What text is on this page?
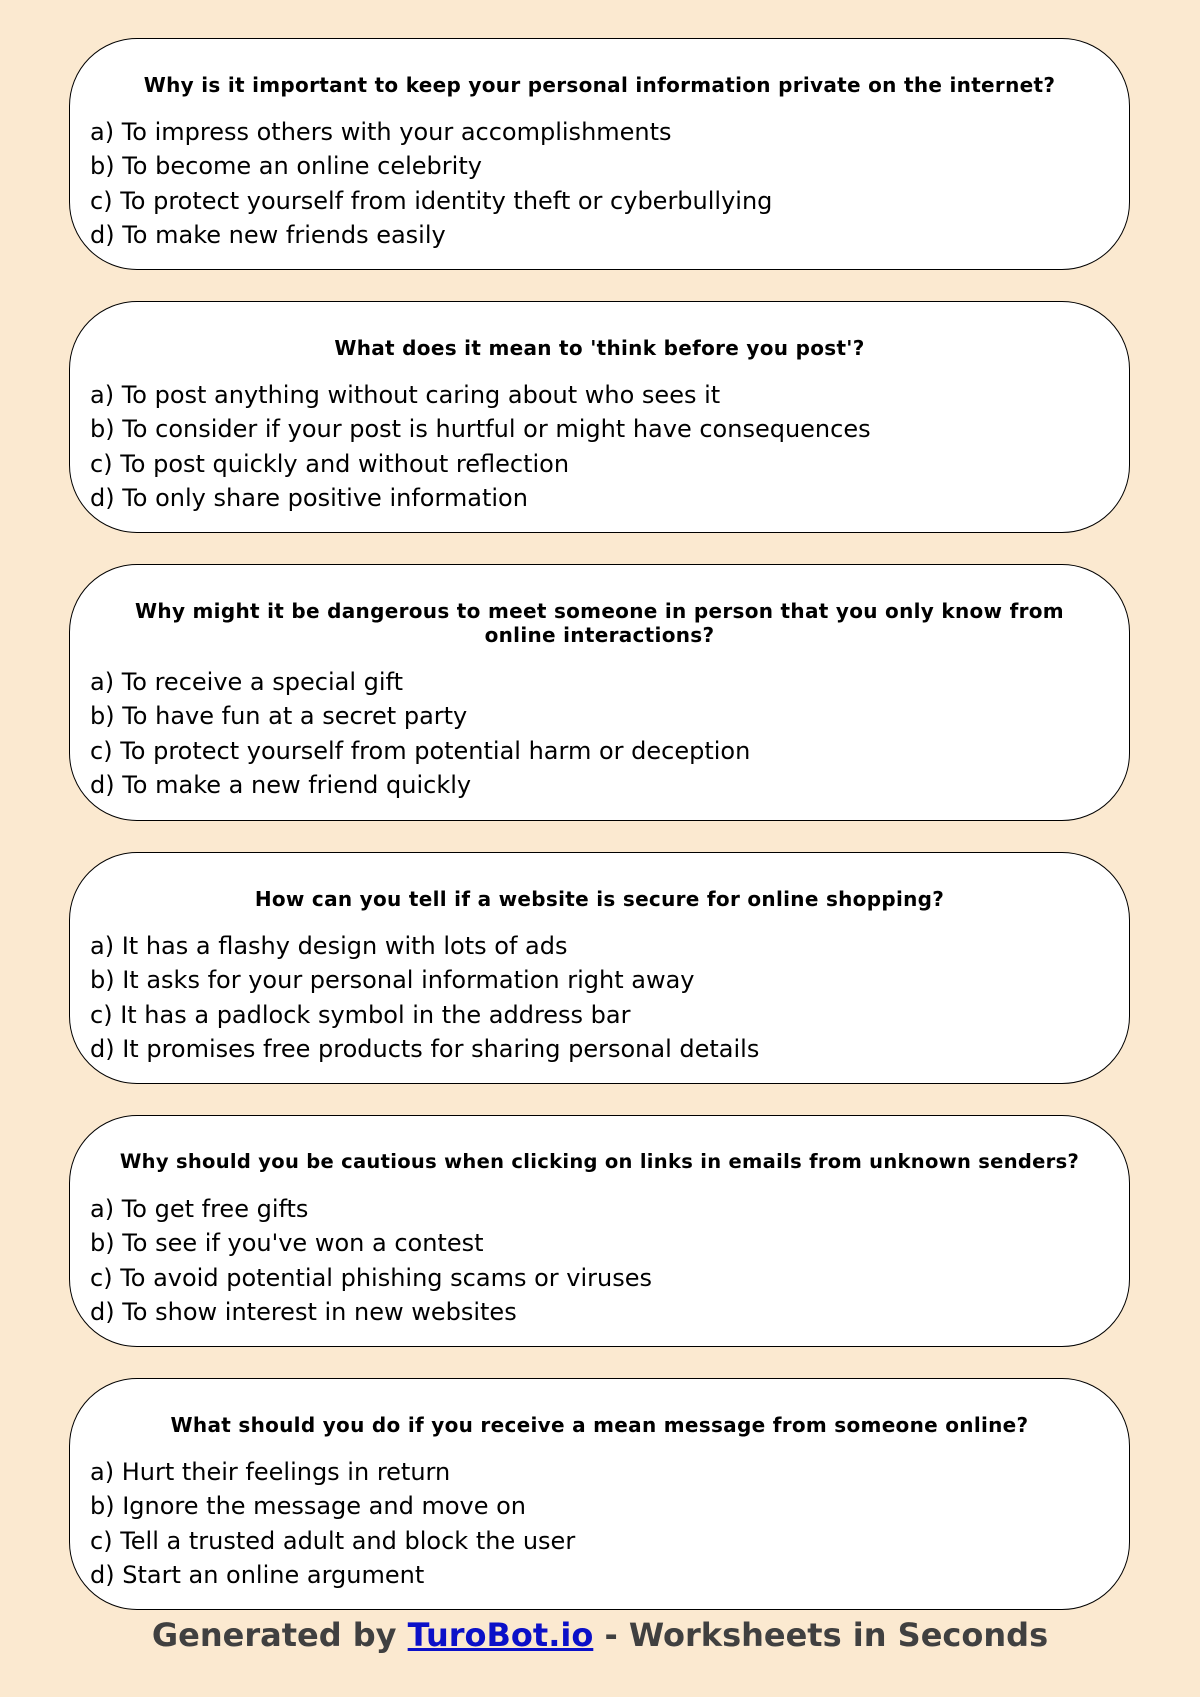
Why is it important to keep your personal information private on the internet?
a) To impress others with your accomplishments
b) To become an online celebrity
c) To protect yourself from identity theft or cyberbullying
d) To make new friends easily
What does it mean to 'think before you post'?
a) To post anything without caring about who sees it
b) To consider if your post is hurtful or might have consequences
c) To post quickly and without reflection
d) To only share positive information
Why might it be dangerous to meet someone in person that you only know from online interactions?
a) To receive a special gift
b) To have fun at a secret party
c) To protect yourself from potential harm or deception
d) To make a new friend quickly
How can you tell if a website is secure for online shopping?
a) It has a flashy design with lots of ads
b) It asks for your personal information right away
c) It has a padlock symbol in the address bar
d) It promises free products for sharing personal details
Why should you be cautious when clicking on links in emails from unknown senders?
a) To get free gifts
b) To see if you've won a contest
c) To avoid potential phishing scams or viruses
d) To show interest in new websites
What should you do if you receive a mean message from someone online?
a) Hurt their feelings in return
b) Ignore the message and move on
c) Tell a trusted adult and block the user
d) Start an online argument
Generated by TuroBot.io - Worksheets in Seconds
